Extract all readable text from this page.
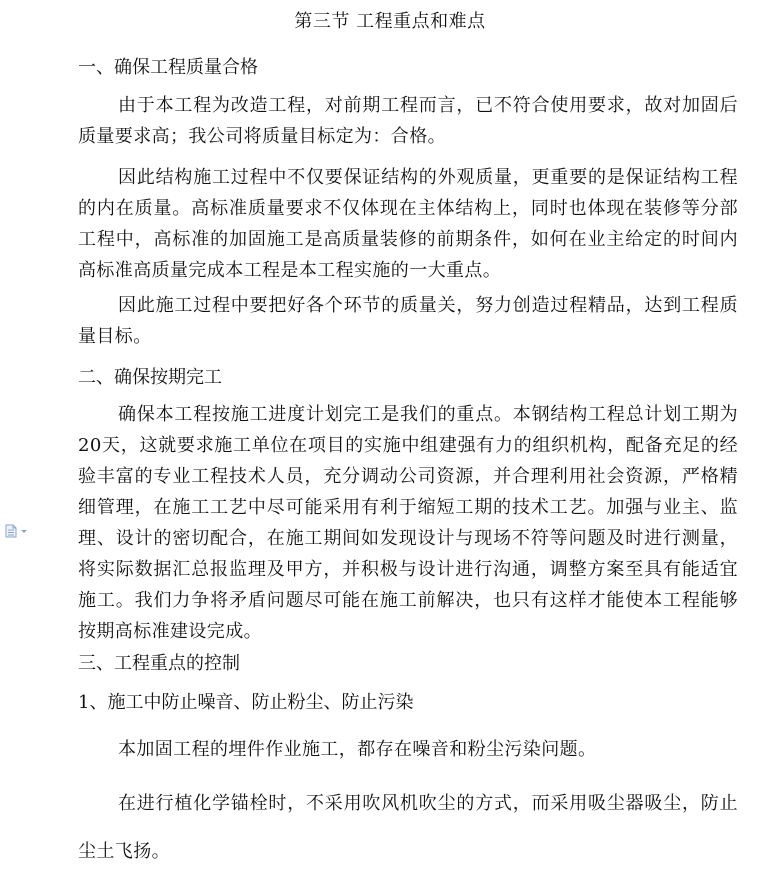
第三节 工程重点和难点
一、确保工程质量合格
由于本工程为改造工程，对前期工程而言，已不符合使用要求，故对加固后质量要求高；我公司将质量目标定为：合格。
因此结构施工过程中不仅要保证结构的外观质量，更重要的是保证结构工程的内在质量。高标准质量要求不仅体现在主体结构上，同时也体现在装修等分部工程中，高标准的加固施工是高质量装修的前期条件，如何在业主给定的时间内高标准高质量完成本工程是本工程实施的一大重点。
因此施工过程中要把好各个环节的质量关，努力创造过程精品，达到工程质量目标。
二、确保按期完工
确保本工程按施工进度计划完工是我们的重点。本钢结构工程总计划工期为20天，这就要求施工单位在项目的实施中组建强有力的组织机构，配备充足的经验丰富的专业工程技术人员，充分调动公司资源，并合理利用社会资源，严格精细管理，在施工工艺中尽可能采用有利于缩短工期的技术工艺。加强与业主、监理、设计的密切配合，在施工期间如发现设计与现场不符等问题及时进行测量，将实际数据汇总报监理及甲方，并积极与设计进行沟通，调整方案至具有能适宜施工。我们力争将矛盾问题尽可能在施工前解决，也只有这样才能使本工程能够按期高标准建设完成。
三、工程重点的控制
1、施工中防止噪音、防止粉尘、防止污染
本加固工程的埋件作业施工，都存在噪音和粉尘污染问题。
在进行植化学锚栓时，不采用吹风机吹尘的方式，而采用吸尘器吸尘，防止尘土飞扬。
